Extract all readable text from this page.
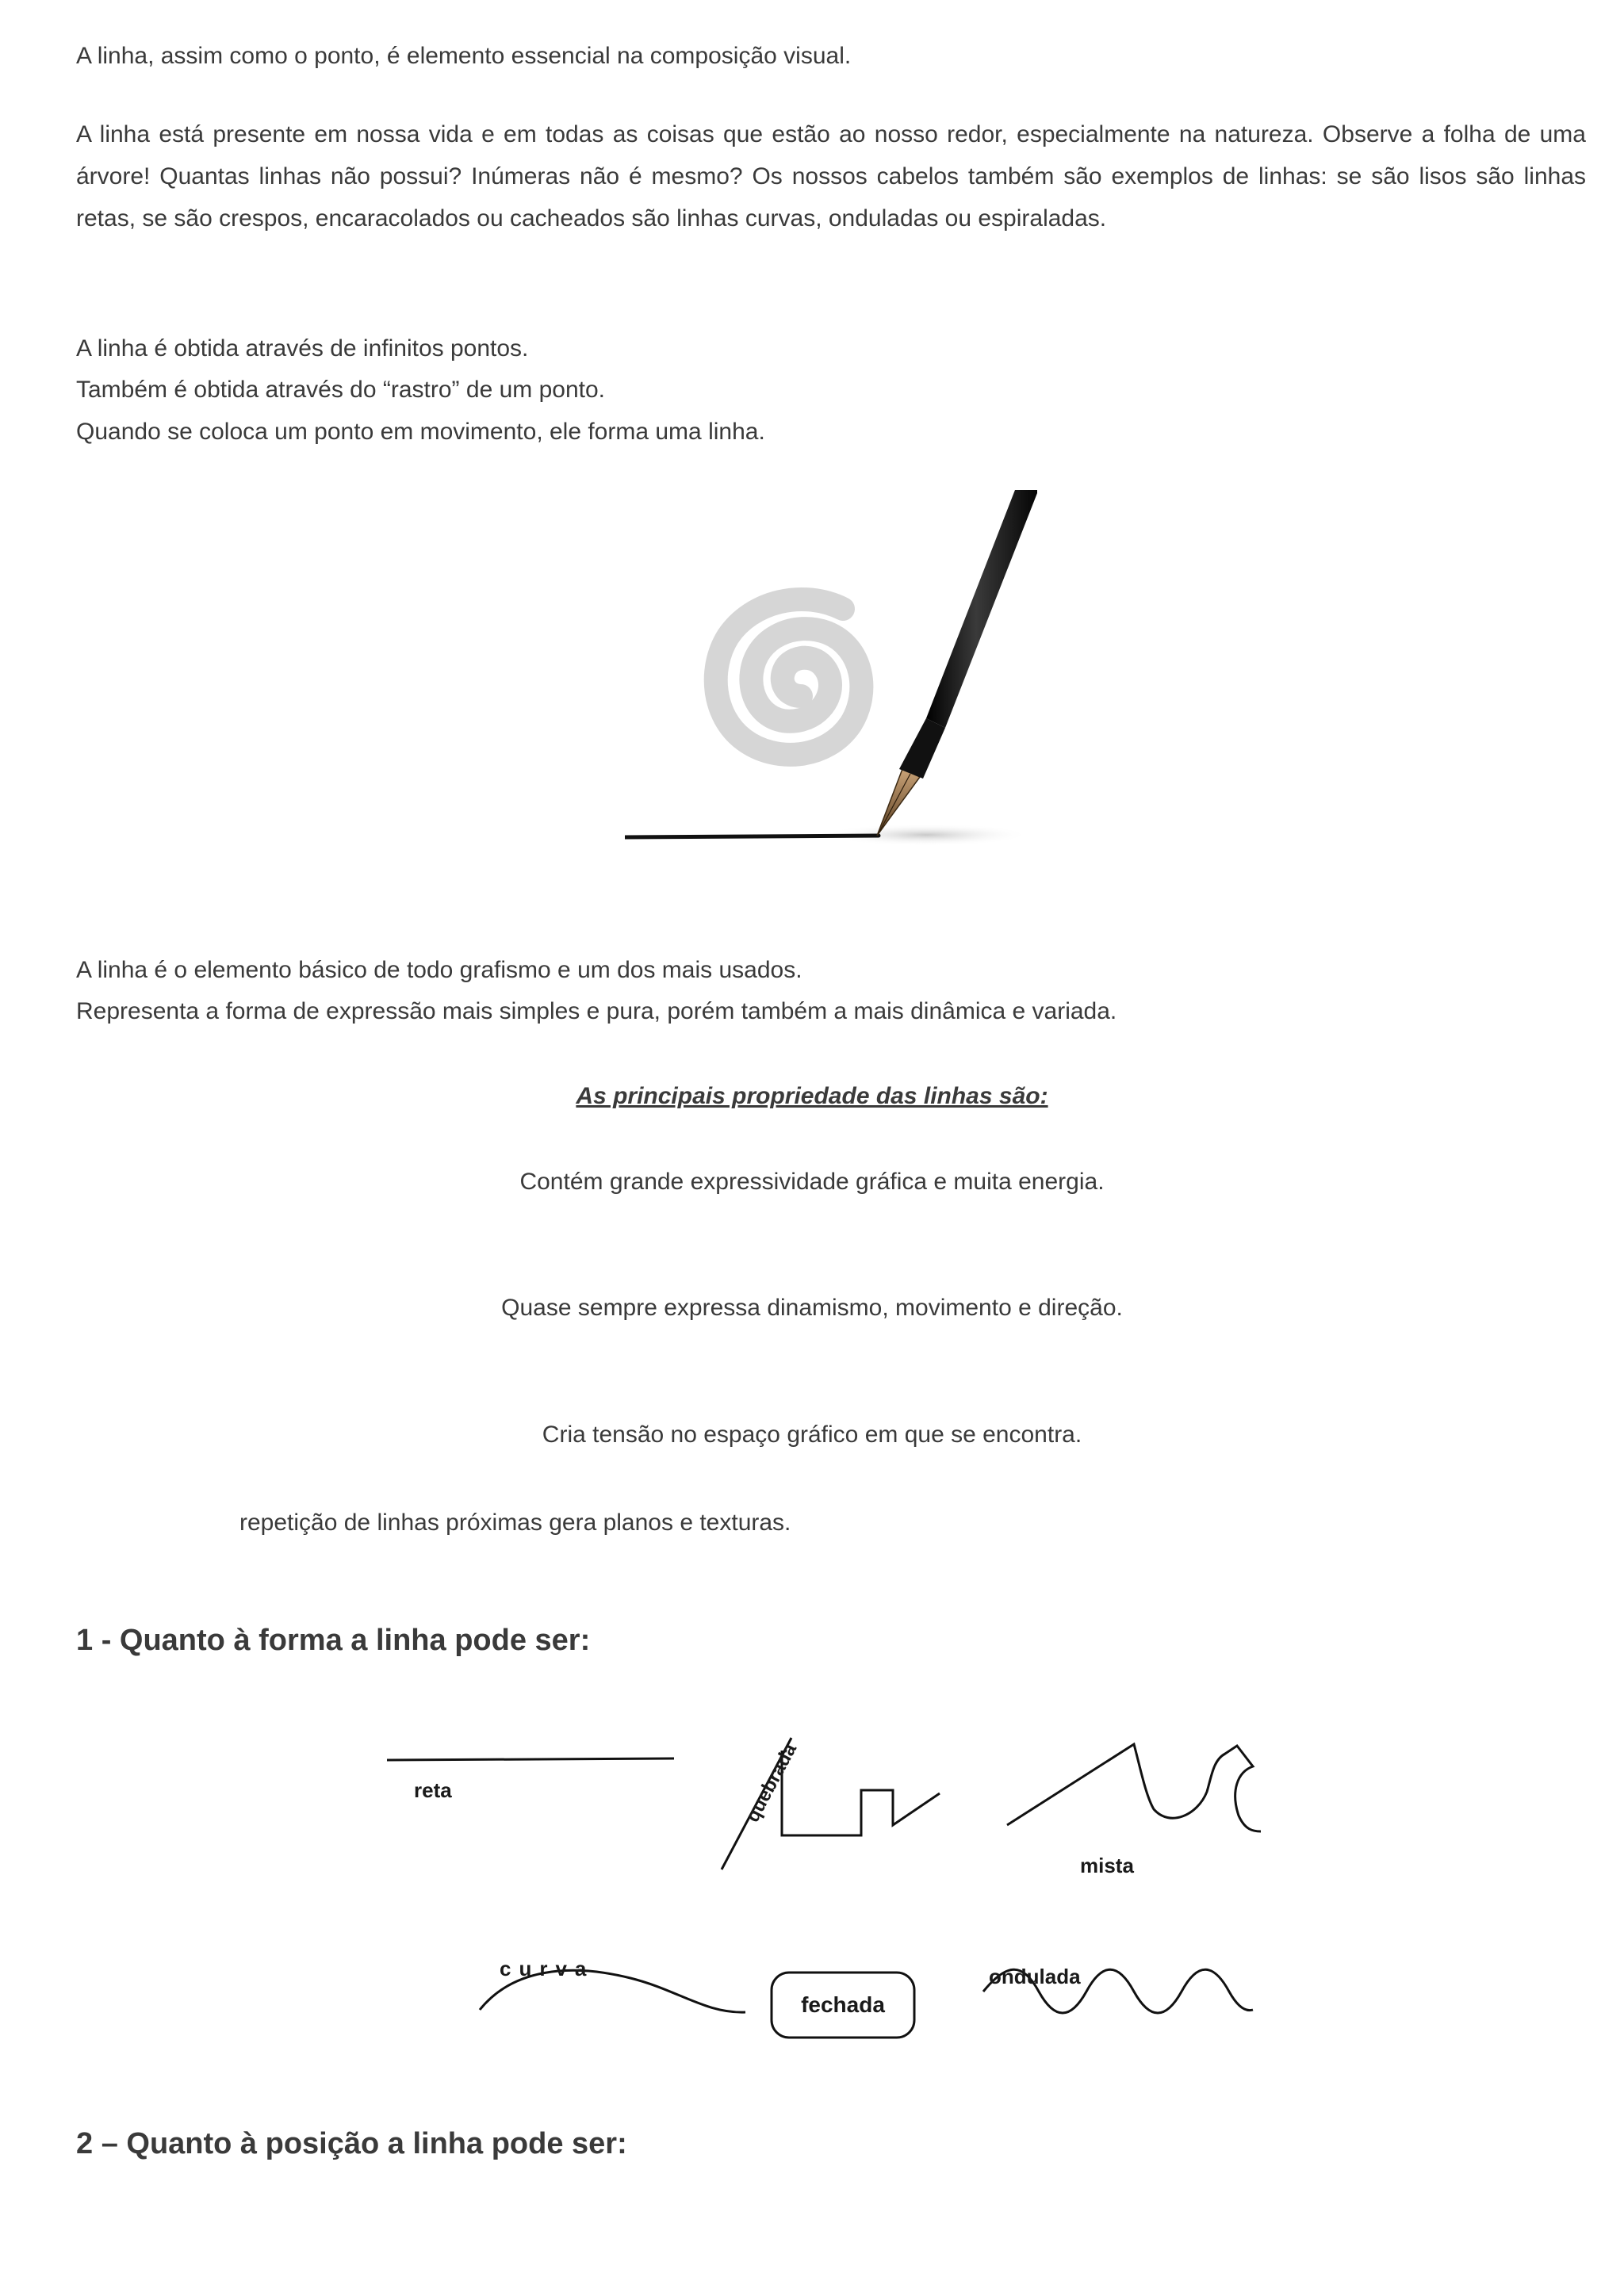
A linha, assim como o ponto, é elemento essencial na composição visual.

A linha está presente em nossa vida e em todas as coisas que estão ao nosso redor, especialmente na natureza. Observe a folha de uma árvore! Quantas linhas não possui? Inúmeras não é mesmo? Os nossos cabelos também são exemplos de linhas: se são lisos são linhas retas, se são crespos, encaracolados ou cacheados são linhas curvas, onduladas ou espiraladas.

A linha é obtida através de infinitos pontos.

Também é obtida através do “rastro” de um ponto.

Quando se coloca um ponto em movimento, ele forma uma linha.

A linha é o elemento básico de todo grafismo e um dos mais usados.

Representa a forma de expressão mais simples e pura, porém também a mais dinâmica e variada.

As principais propriedade das linhas são:

Contém grande expressividade gráfica e muita energia.

Quase sempre expressa dinamismo, movimento e direção.

Cria tensão no espaço gráfico em que se encontra.

repetição de linhas próximas gera planos e texturas.

1 - Quanto à forma a linha pode ser:
reta	quebrada
mista
curva
fechada
ondulada
2 – Quanto à posição a linha pode ser:
